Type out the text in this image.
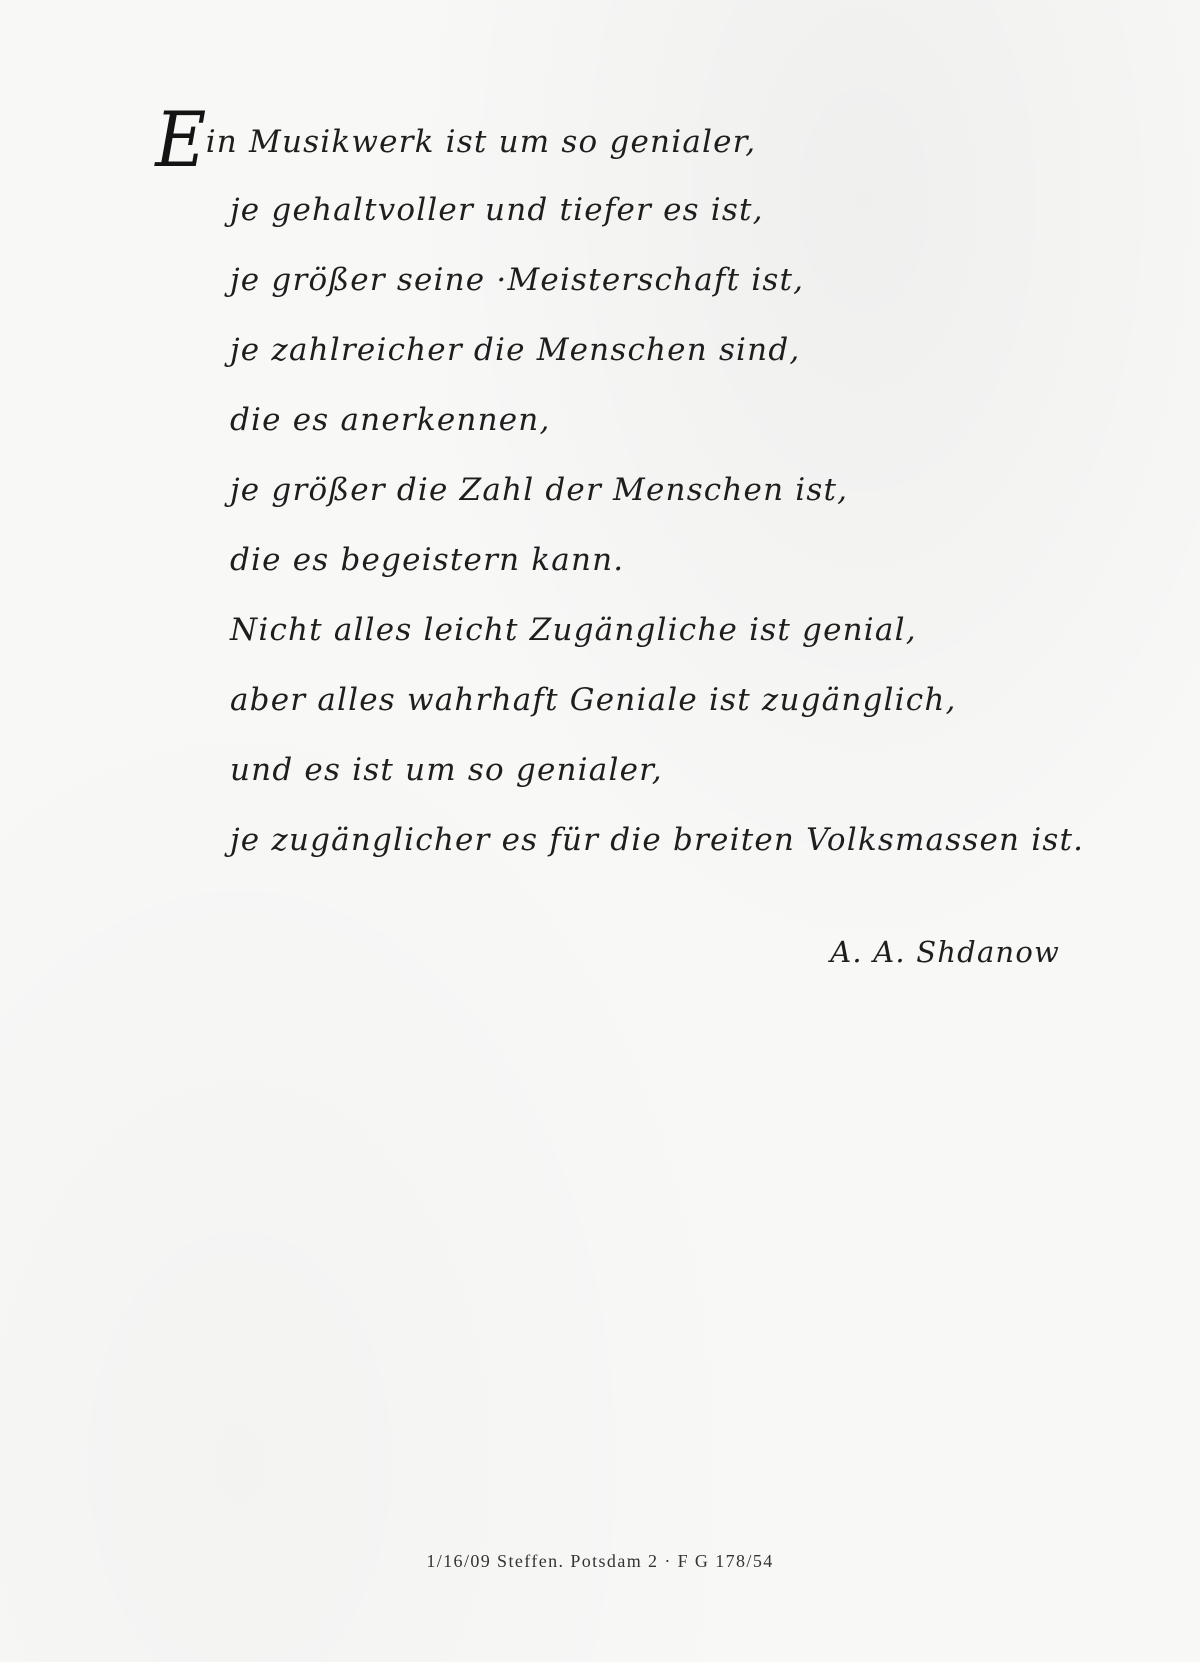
Ein Musikwerk ist um so genialer,
je gehaltvoller und tiefer es ist,
je größer seine ·Meisterschaft ist,
je zahlreicher die Menschen sind,
die es anerkennen,
je größer die Zahl der Menschen ist,
die es begeistern kann.
Nicht alles leicht Zugängliche ist genial,
aber alles wahrhaft Geniale ist zugänglich,
und es ist um so genialer,
je zugänglicher es für die breiten Volksmassen ist.
A. A. Shdanow
1/16/09 Steffen. Potsdam 2 · F G 178/54
